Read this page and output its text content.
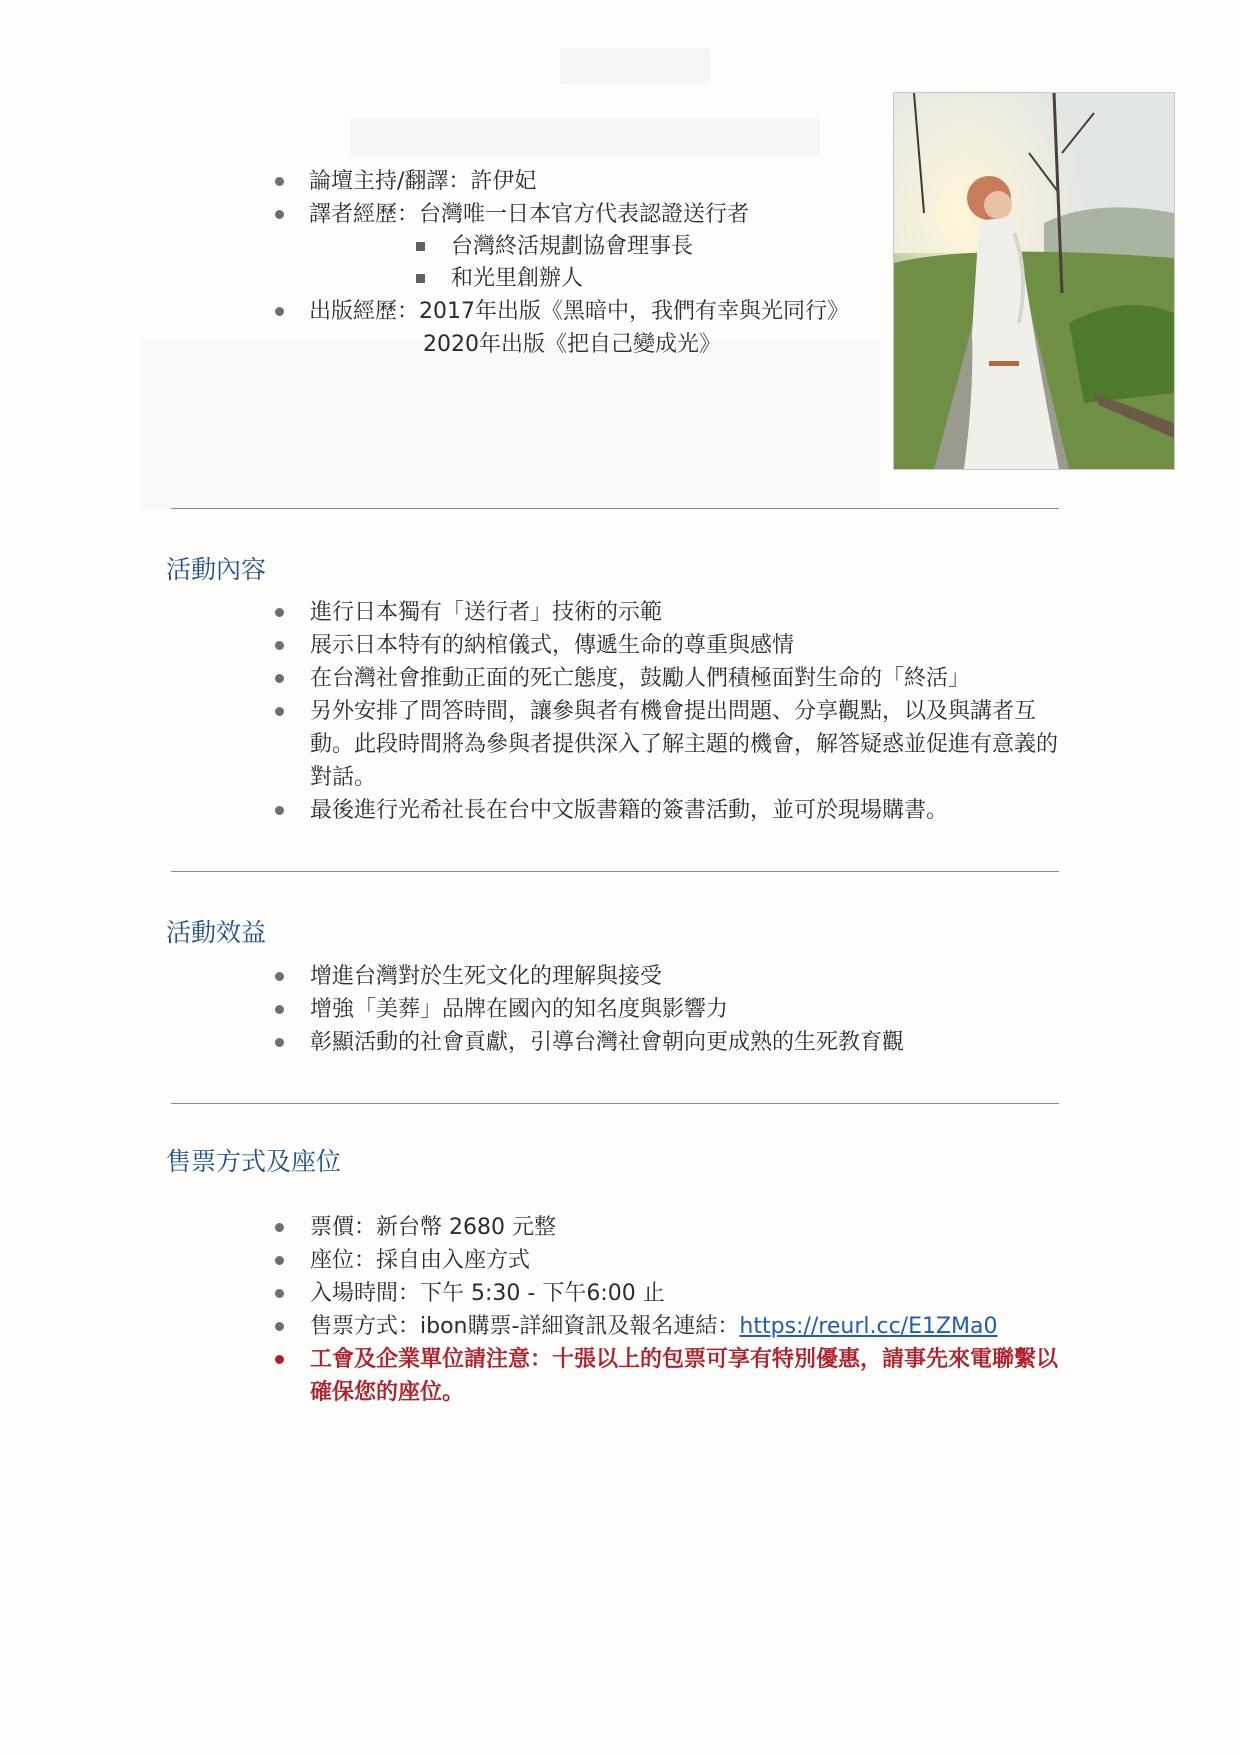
論壇主持/翻譯：許伊妃
譯者經歷：台灣唯一日本官方代表認證送行者
台灣終活規劃協會理事長
和光里創辦人
出版經歷：2017年出版《黑暗中，我們有幸與光同行》
2020年出版《把自己變成光》
活動內容
進行日本獨有「送行者」技術的示範
展示日本特有的納棺儀式，傳遞生命的尊重與感情
在台灣社會推動正面的死亡態度，鼓勵人們積極面對生命的「終活」
另外安排了問答時間，讓參與者有機會提出問題、分享觀點，以及與講者互動。此段時間將為參與者提供深入了解主題的機會，解答疑惑並促進有意義的對話。
最後進行光希社長在台中文版書籍的簽書活動，並可於現場購書。
活動效益
增進台灣對於生死文化的理解與接受
增強「美葬」品牌在國內的知名度與影響力
彰顯活動的社會貢獻，引導台灣社會朝向更成熟的生死教育觀
售票方式及座位
票價：新台幣 2680 元整
座位：採自由入座方式
入場時間：下午 5:30 - 下午6:00 止
售票方式：ibon購票-詳細資訊及報名連結：https://reurl.cc/E1ZMa0
工會及企業單位請注意：十張以上的包票可享有特別優惠，請事先來電聯繫以確保您的座位。
